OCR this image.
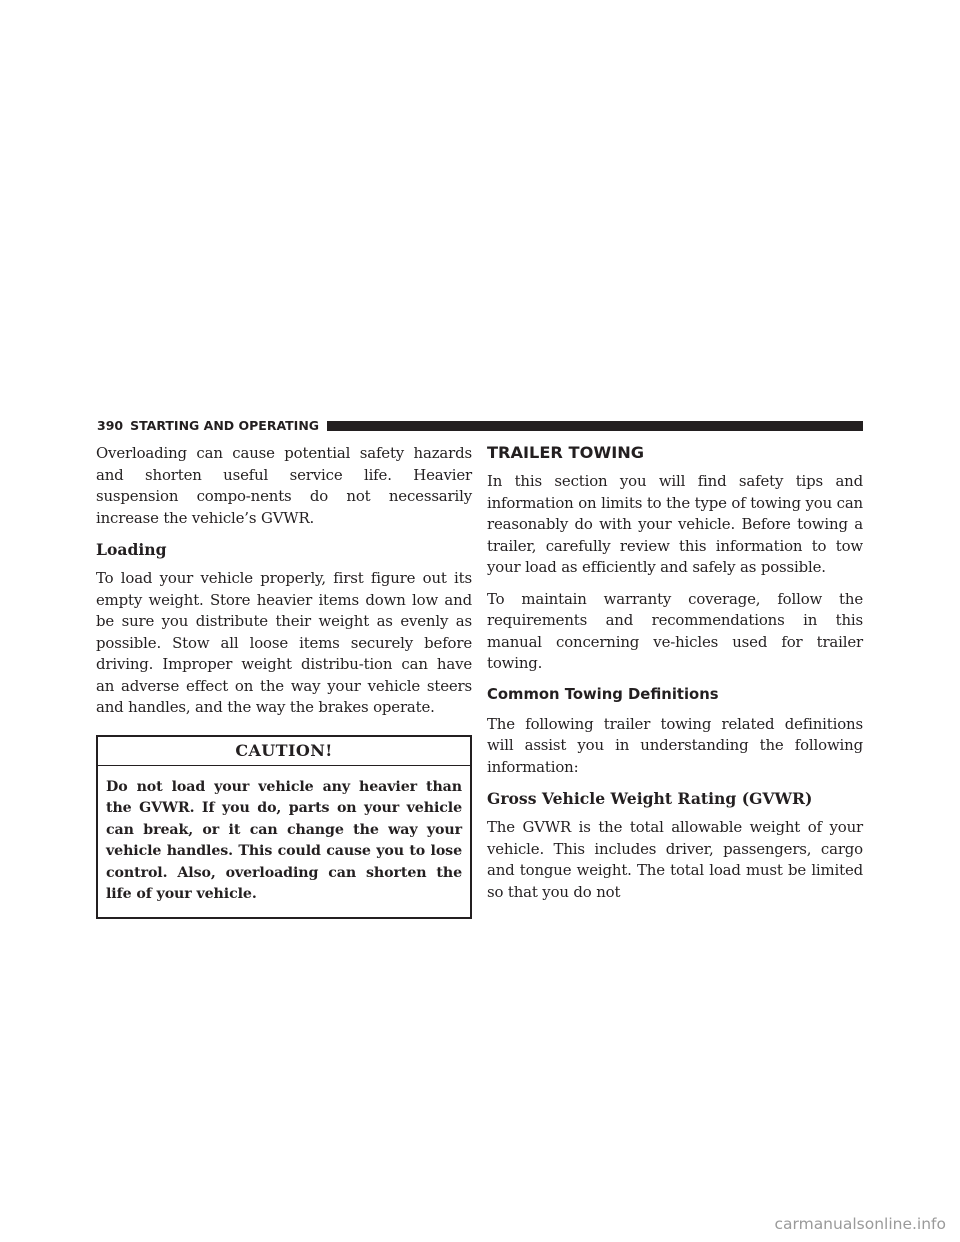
390 STARTING AND OPERATING

Overloading can cause potential safety hazards and shorten useful service life. Heavier suspension compo-nents do not necessarily increase the vehicle’s GVWR.

Loading

To load your vehicle properly, first figure out its empty weight. Store heavier items down low and be sure you distribute their weight as evenly as possible. Stow all loose items securely before driving. Improper weight distribu-tion can have an adverse effect on the way your vehicle steers and handles, and the way the brakes operate.

CAUTION!
Do not load your vehicle any heavier than the GVWR. If you do, parts on your vehicle can break, or it can change the way your vehicle handles. This could cause you to lose control. Also, overloading can shorten the life of your vehicle.
TRAILER TOWING

In this section you will find safety tips and information on limits to the type of towing you can reasonably do with your vehicle. Before towing a trailer, carefully review this information to tow your load as efficiently and safely as possible.

To maintain warranty coverage, follow the requirements and recommendations in this manual concerning ve-hicles used for trailer towing.

Common Towing Definitions

The following trailer towing related definitions will assist you in understanding the following information:

Gross Vehicle Weight Rating (GVWR)

The GVWR is the total allowable weight of your vehicle. This includes driver, passengers, cargo and tongue weight. The total load must be limited so that you do not

carmanualsonline.info
